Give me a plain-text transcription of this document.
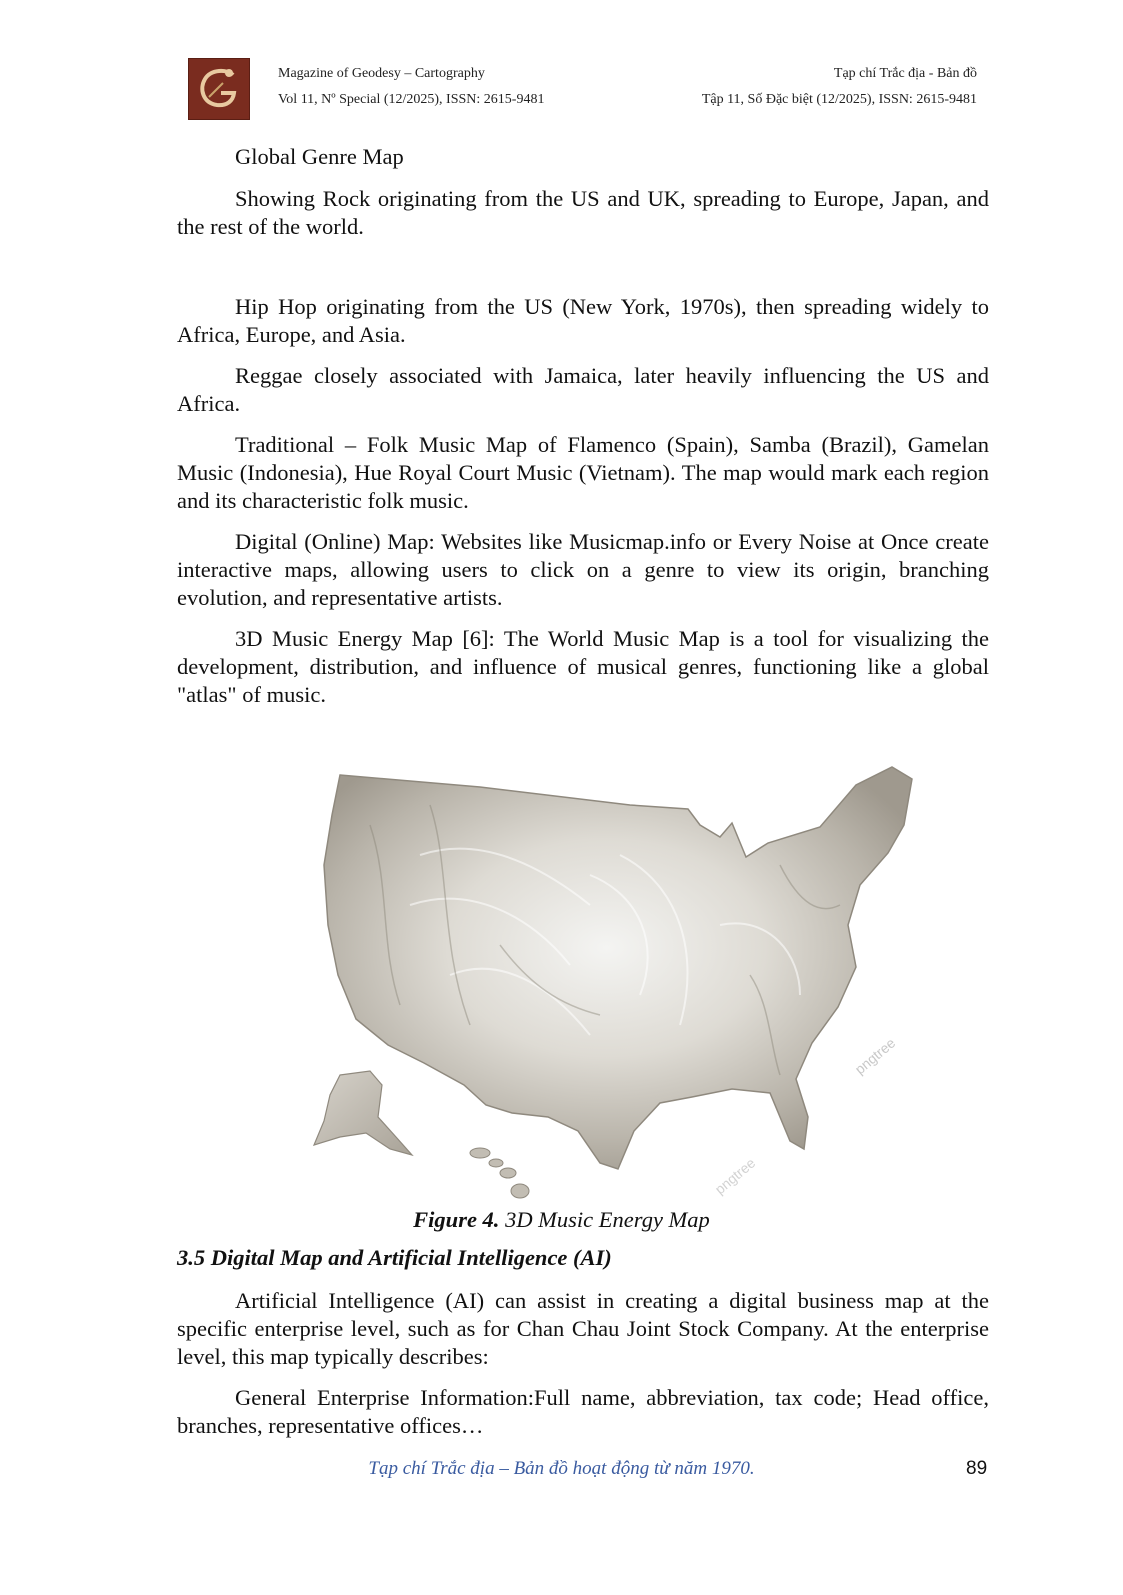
Magazine of Geodesy – Cartography
Vol 11, Nº Special (12/2025), ISSN: 2615-9481
Tạp chí Trắc địa - Bản đồ
Tập 11, Số Đặc biệt (12/2025), ISSN: 2615-9481

Global Genre Map

Showing Rock originating from the US and UK, spreading to Europe, Japan, and the rest of the world.

Hip Hop originating from the US (New York, 1970s), then spreading widely to Africa, Europe, and Asia.

Reggae closely associated with Jamaica, later heavily influencing the US and Africa.

Traditional – Folk Music Map of Flamenco (Spain), Samba (Brazil), Gamelan Music (Indonesia), Hue Royal Court Music (Vietnam). The map would mark each region and its characteristic folk music.

Digital (Online) Map: Websites like Musicmap.info or Every Noise at Once create interactive maps, allowing users to click on a genre to view its origin, branching evolution, and representative artists.

3D Music Energy Map [6]: The World Music Map is a tool for visualizing the development, distribution, and influence of musical genres, functioning like a global "atlas" of music.

pngtree
pngtree
Figure 4. 3D Music Energy Map
3.5 Digital Map and Artificial Intelligence (AI)

Artificial Intelligence (AI) can assist in creating a digital business map at the specific enterprise level, such as for Chan Chau Joint Stock Company. At the enterprise level, this map typically describes:

General Enterprise Information:Full name, abbreviation, tax code; Head office, branches, representative offices…

Tạp chí Trắc địa – Bản đồ hoạt động từ năm 1970.	89
